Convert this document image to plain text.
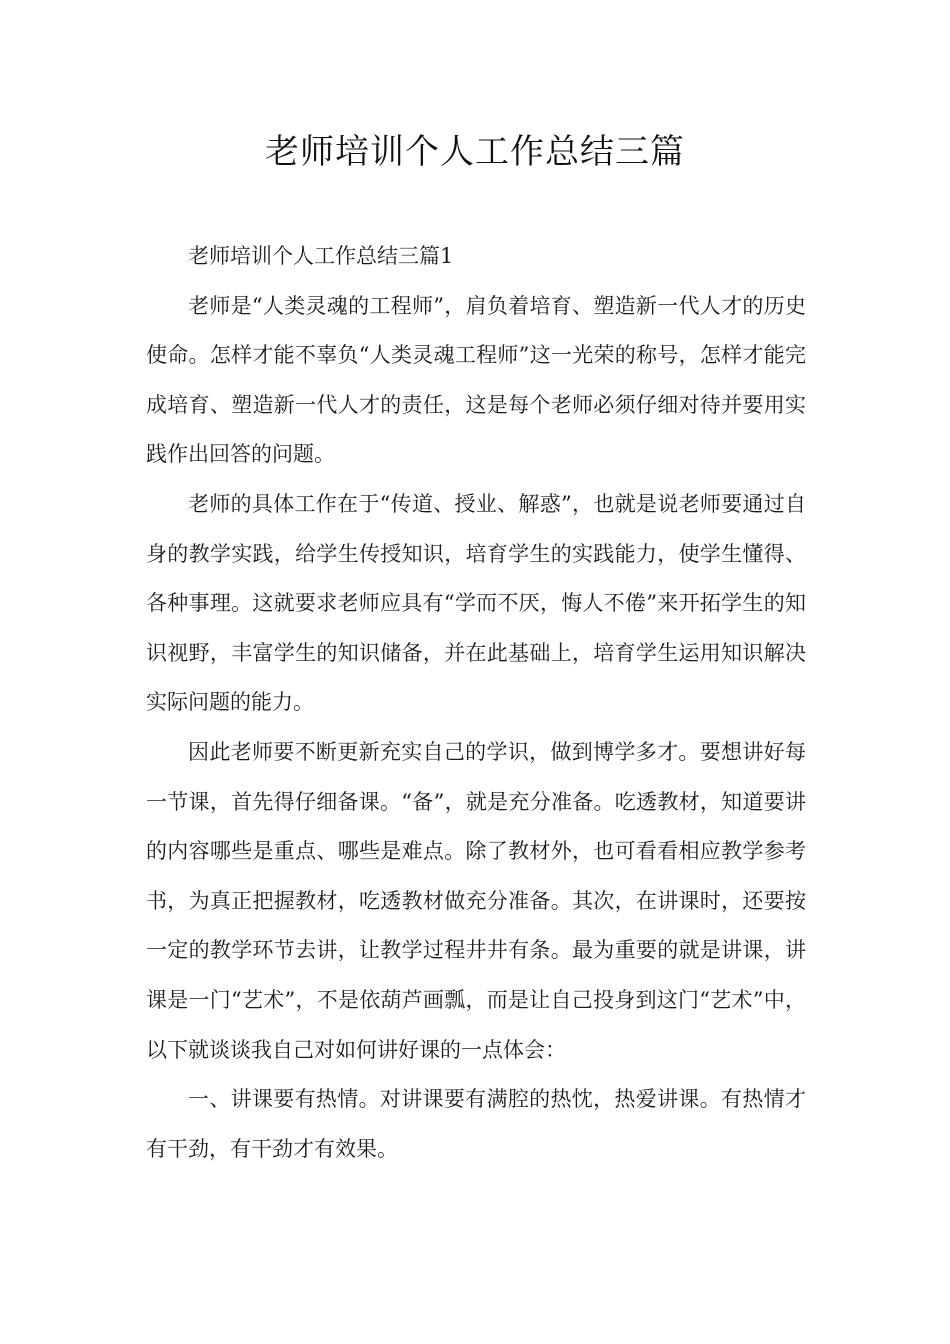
老师培训个人工作总结三篇

老师培训个人工作总结三篇1

老师是“人类灵魂的工程师”，肩负着培育、塑造新一代人才的历史使命。怎样才能不辜负“人类灵魂工程师”这一光荣的称号，怎样才能完成培育、塑造新一代人才的责任，这是每个老师必须仔细对待并要用实践作出回答的问题。

老师的具体工作在于“传道、授业、解惑”，也就是说老师要通过自身的教学实践，给学生传授知识，培育学生的实践能力，使学生懂得、各种事理。这就要求老师应具有“学而不厌，悔人不倦”来开拓学生的知识视野，丰富学生的知识储备，并在此基础上，培育学生运用知识解决实际问题的能力。

因此老师要不断更新充实自己的学识，做到博学多才。要想讲好每一节课，首先得仔细备课。“备”，就是充分准备。吃透教材，知道要讲的内容哪些是重点、哪些是难点。除了教材外，也可看看相应教学参考书，为真正把握教材，吃透教材做充分准备。其次，在讲课时，还要按一定的教学环节去讲，让教学过程井井有条。最为重要的就是讲课，讲课是一门“艺术”，不是依葫芦画瓢，而是让自己投身到这门“艺术”中，以下就谈谈我自己对如何讲好课的一点体会：

一、讲课要有热情。对讲课要有满腔的热忱，热爱讲课。有热情才有干劲，有干劲才有效果。
